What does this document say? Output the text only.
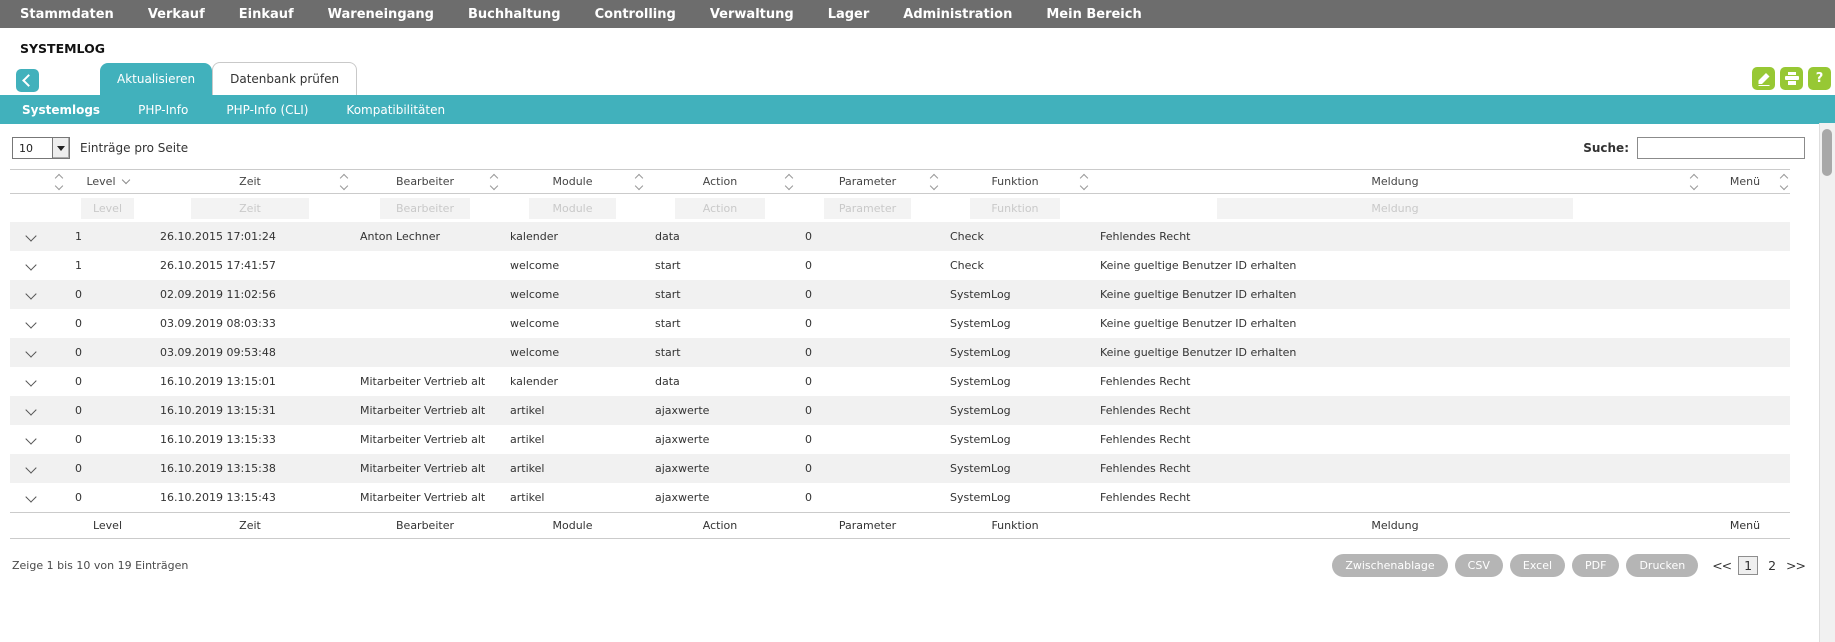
Stammdaten	Verkauf	Einkauf	Wareneingang	Buchhaltung	Controlling	Verwaltung	Lager	Administration	Mein Bereich
SYSTEMLOG
Aktualisieren	Datenbank prüfen	?
Systemlogs	PHP-Info	PHP-Info (CLI)	Kompatibilitäten
10	Einträge pro Seite	Suche:
	Level	Zeit	Bearbeiter	Module	Action	Parameter	Funktion	Meldung	Menü

	Level	Zeit	Bearbeiter	Module	Action	Parameter	Funktion	Meldung	
	1	26.10.2015 17:01:24	Anton Lechner	kalender	data	0	Check	Fehlendes Recht	
	1	26.10.2015 17:41:57		welcome	start	0	Check	Keine gueltige Benutzer ID erhalten	
	0	02.09.2019 11:02:56		welcome	start	0	SystemLog	Keine gueltige Benutzer ID erhalten	
	0	03.09.2019 08:03:33		welcome	start	0	SystemLog	Keine gueltige Benutzer ID erhalten	
	0	03.09.2019 09:53:48		welcome	start	0	SystemLog	Keine gueltige Benutzer ID erhalten	
	0	16.10.2019 13:15:01	Mitarbeiter Vertrieb alt	kalender	data	0	SystemLog	Fehlendes Recht	
	0	16.10.2019 13:15:31	Mitarbeiter Vertrieb alt	artikel	ajaxwerte	0	SystemLog	Fehlendes Recht	
	0	16.10.2019 13:15:33	Mitarbeiter Vertrieb alt	artikel	ajaxwerte	0	SystemLog	Fehlendes Recht	
	0	16.10.2019 13:15:38	Mitarbeiter Vertrieb alt	artikel	ajaxwerte	0	SystemLog	Fehlendes Recht	
	0	16.10.2019 13:15:43	Mitarbeiter Vertrieb alt	artikel	ajaxwerte	0	SystemLog	Fehlendes Recht	
	Level	Zeit	Bearbeiter	Module	Action	Parameter	Funktion	Meldung	Menü
Zeige 1 bis 10 von 19 Einträgen	Zwischenablage	CSV	Excel	PDF	Drucken	<<	1	2 >>
